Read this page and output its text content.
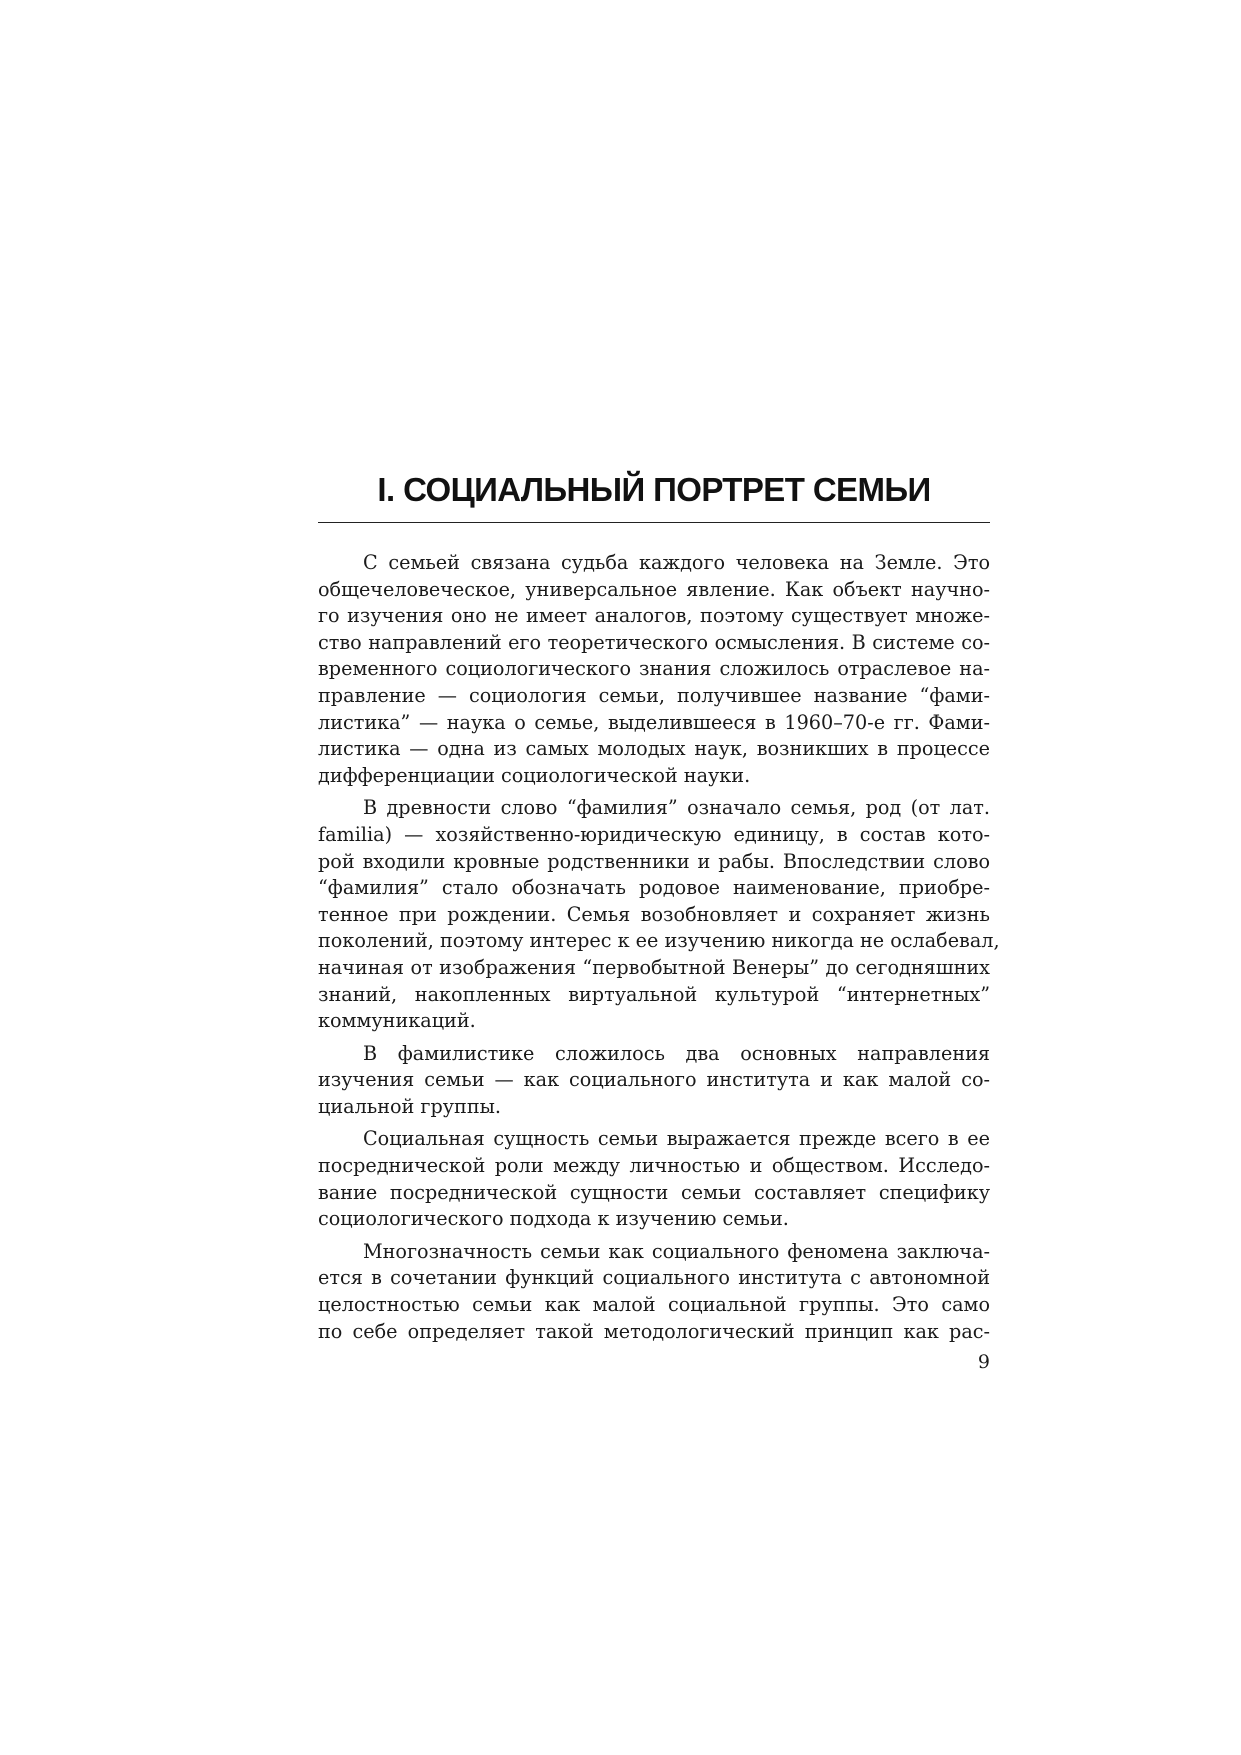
I. СОЦИАЛЬНЫЙ ПОРТРЕТ СЕМЬИ

С семьей связана судьба каждого человека на Земле. Это
общечеловеческое, универсальное явление. Как объект научно-
го изучения оно не имеет аналогов, поэтому существует множе-
ство направлений его теоретического осмысления. В системе со-
временного социологического знания сложилось отраслевое на-
правление — социология семьи, получившее название “фами-
листика” — наука о семье, выделившееся в 1960–70-е гг. Фами-
листика — одна из самых молодых наук, возникших в процессе
дифференциации социологической науки.

В древности слово “фамилия” означало семья, род (от лат.
familia) — хозяйственно-юридическую единицу, в состав кото-
рой входили кровные родственники и рабы. Впоследствии слово
“фамилия” стало обозначать родовое наименование, приобре-
тенное при рождении. Семья возобновляет и сохраняет жизнь
поколений, поэтому интерес к ее изучению никогда не ослабевал,
начиная от изображения “первобытной Венеры” до сегодняшних
знаний, накопленных виртуальной культурой “интернетных”
коммуникаций.

В фамилистике сложилось два основных направления
изучения семьи — как социального института и как малой со-
циальной группы.

Социальная сущность семьи выражается прежде всего в ее
посреднической роли между личностью и обществом. Исследо-
вание посреднической сущности семьи составляет специфику
социологического подхода к изучению семьи.

Многозначность семьи как социального феномена заключа-
ется в сочетании функций социального института с автономной
целостностью семьи как малой социальной группы. Это само
по себе определяет такой методологический принцип как рас-

9
